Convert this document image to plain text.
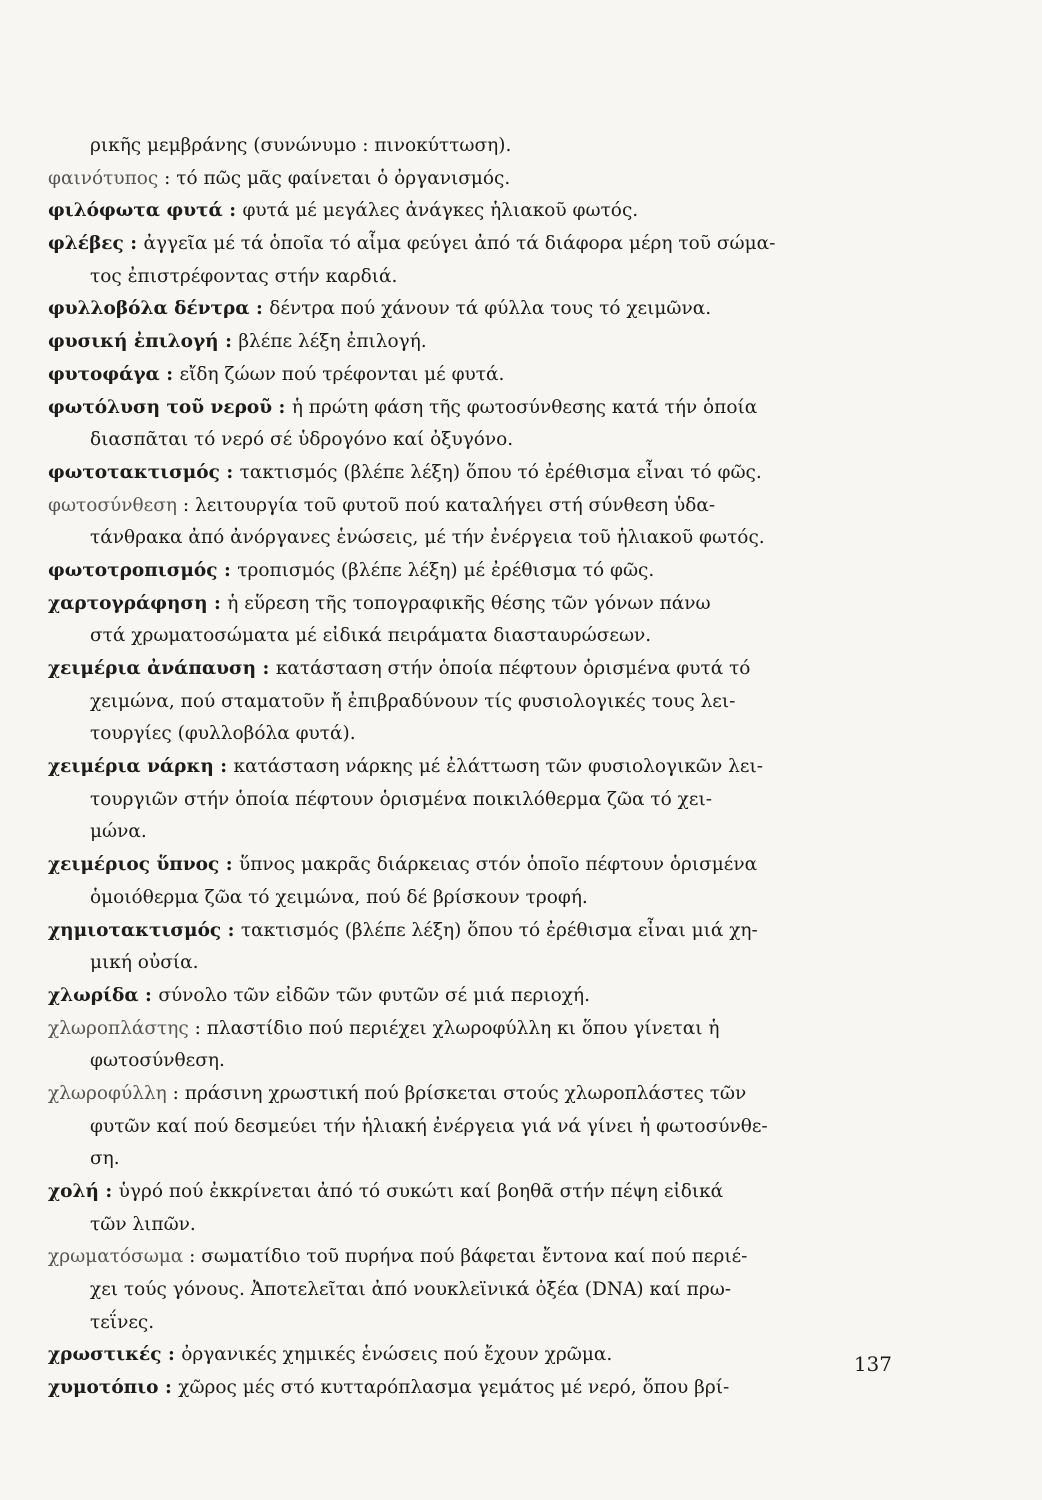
ρικῆς μεμβράνης (συνώνυμο : πινοκύττωση).
φαινότυπος : τό πῶς μᾶς φαίνεται ὁ ὀργανισμός.
φιλόφωτα φυτά : φυτά μέ μεγάλες ἀνάγκες ἡλιακοῦ φωτός.
φλέβες : ἀγγεῖα μέ τά ὁποῖα τό αἷμα φεύγει ἀπό τά διάφορα μέρη τοῦ σώμα-
τος ἐπιστρέφοντας στήν καρδιά.
φυλλοβόλα δέντρα : δέντρα πού χάνουν τά φύλλα τους τό χειμῶνα.
φυσική ἐπιλογή : βλέπε λέξη ἐπιλογή.
φυτοφάγα : εἴδη ζώων πού τρέφονται μέ φυτά.
φωτόλυση τοῦ νεροῦ : ἡ πρώτη φάση τῆς φωτοσύνθεσης κατά τήν ὁποία
διασπᾶται τό νερό σέ ὑδρογόνο καί ὀξυγόνο.
φωτοτακτισμός : τακτισμός (βλέπε λέξη) ὅπου τό ἐρέθισμα εἶναι τό φῶς.
φωτοσύνθεση : λειτουργία τοῦ φυτοῦ πού καταλήγει στή σύνθεση ὑδα-
τάνθρακα ἀπό ἀνόργανες ἑνώσεις, μέ τήν ἐνέργεια τοῦ ἡλιακοῦ φωτός.
φωτοτροπισμός : τροπισμός (βλέπε λέξη) μέ ἐρέθισμα τό φῶς.
χαρτογράφηση : ἡ εὕρεση τῆς τοπογραφικῆς θέσης τῶν γόνων πάνω
στά χρωματοσώματα μέ εἰδικά πειράματα διασταυρώσεων.
χειμέρια ἀνάπαυση : κατάσταση στήν ὁποία πέφτουν ὁρισμένα φυτά τό
χειμώνα, πού σταματοῦν ἤ ἐπιβραδύνουν τίς φυσιολογικές τους λει-
τουργίες (φυλλοβόλα φυτά).
χειμέρια νάρκη : κατάσταση νάρκης μέ ἐλάττωση τῶν φυσιολογικῶν λει-
τουργιῶν στήν ὁποία πέφτουν ὁρισμένα ποικιλόθερμα ζῶα τό χει-
μώνα.
χειμέριος ὕπνος : ὕπνος μακρᾶς διάρκειας στόν ὁποῖο πέφτουν ὁρισμένα
ὁμοιόθερμα ζῶα τό χειμώνα, πού δέ βρίσκουν τροφή.
χημιοτακτισμός : τακτισμός (βλέπε λέξη) ὅπου τό ἐρέθισμα εἶναι μιά χη-
μική οὐσία.
χλωρίδα : σύνολο τῶν εἰδῶν τῶν φυτῶν σέ μιά περιοχή.
χλωροπλάστης : πλαστίδιο πού περιέχει χλωροφύλλη κι ὅπου γίνεται ἡ
φωτοσύνθεση.
χλωροφύλλη : πράσινη χρωστική πού βρίσκεται στούς χλωροπλάστες τῶν
φυτῶν καί πού δεσμεύει τήν ἡλιακή ἐνέργεια γιά νά γίνει ἡ φωτοσύνθε-
ση.
χολή : ὑγρό πού ἐκκρίνεται ἀπό τό συκώτι καί βοηθᾶ στήν πέψη εἰδικά
τῶν λιπῶν.
χρωματόσωμα : σωματίδιο τοῦ πυρήνα πού βάφεται ἔντονα καί πού περιέ-
χει τούς γόνους. Ἀποτελεῖται ἀπό νουκλεϊνικά ὀξέα (DNA) καί πρω-
τεΐνες.
χρωστικές : ὀργανικές χημικές ἑνώσεις πού ἔχουν χρῶμα.
χυμοτόπιο : χῶρος μές στό κυτταρόπλασμα γεμάτος μέ νερό, ὅπου βρί-
137
